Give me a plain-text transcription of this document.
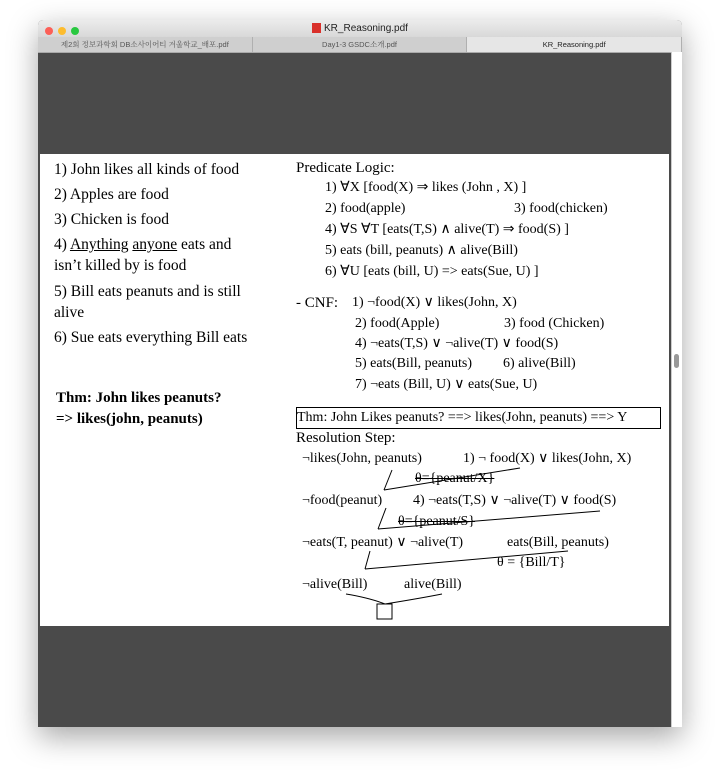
KR_Reasoning.pdf
제2회 정보과학회 DB소사이어티 겨울학교_배포.pdf	Day1-3 GSDC소개.pdf	KR_Reasoning.pdf
1) John likes all kinds of food
2) Apples are food
3) Chicken is food
4) Anything anyone eats and
isn’t killed by is food
5) Bill eats peanuts and is still
alive
6) Sue eats everything Bill eats
Thm: John likes peanuts?
=> likes(john, peanuts)
Predicate Logic:
1) ∀X [food(X) ⇒ likes (John , X) ]
2) food(apple)	3) food(chicken)
4) ∀S ∀T [eats(T,S) ∧ alive(T) ⇒ food(S) ]
5) eats (bill, peanuts) ∧ alive(Bill)
6) ∀U [eats (bill, U) => eats(Sue, U) ]
- CNF: 1) ¬food(X) ∨ likes(John, X)
2) food(Apple)	3) food (Chicken)
4) ¬eats(T,S) ∨ ¬alive(T) ∨ food(S)
5) eats(Bill, peanuts) 6) alive(Bill)
7) ¬eats (Bill, U) ∨ eats(Sue, U)
Thm: John Likes peanuts? ==> likes(John, peanuts) ==> Y
Resolution Step:
¬likes(John, peanuts)	1) ¬ food(X) ∨ likes(John, X)
θ={peanut/X}
¬food(peanut) 4) ¬eats(T,S) ∨ ¬alive(T) ∨ food(S)
θ={peanut/S}
¬eats(T, peanut) ∨ ¬alive(T)	eats(Bill, peanuts)
θ = {Bill/T}
¬alive(Bill)	alive(Bill)
